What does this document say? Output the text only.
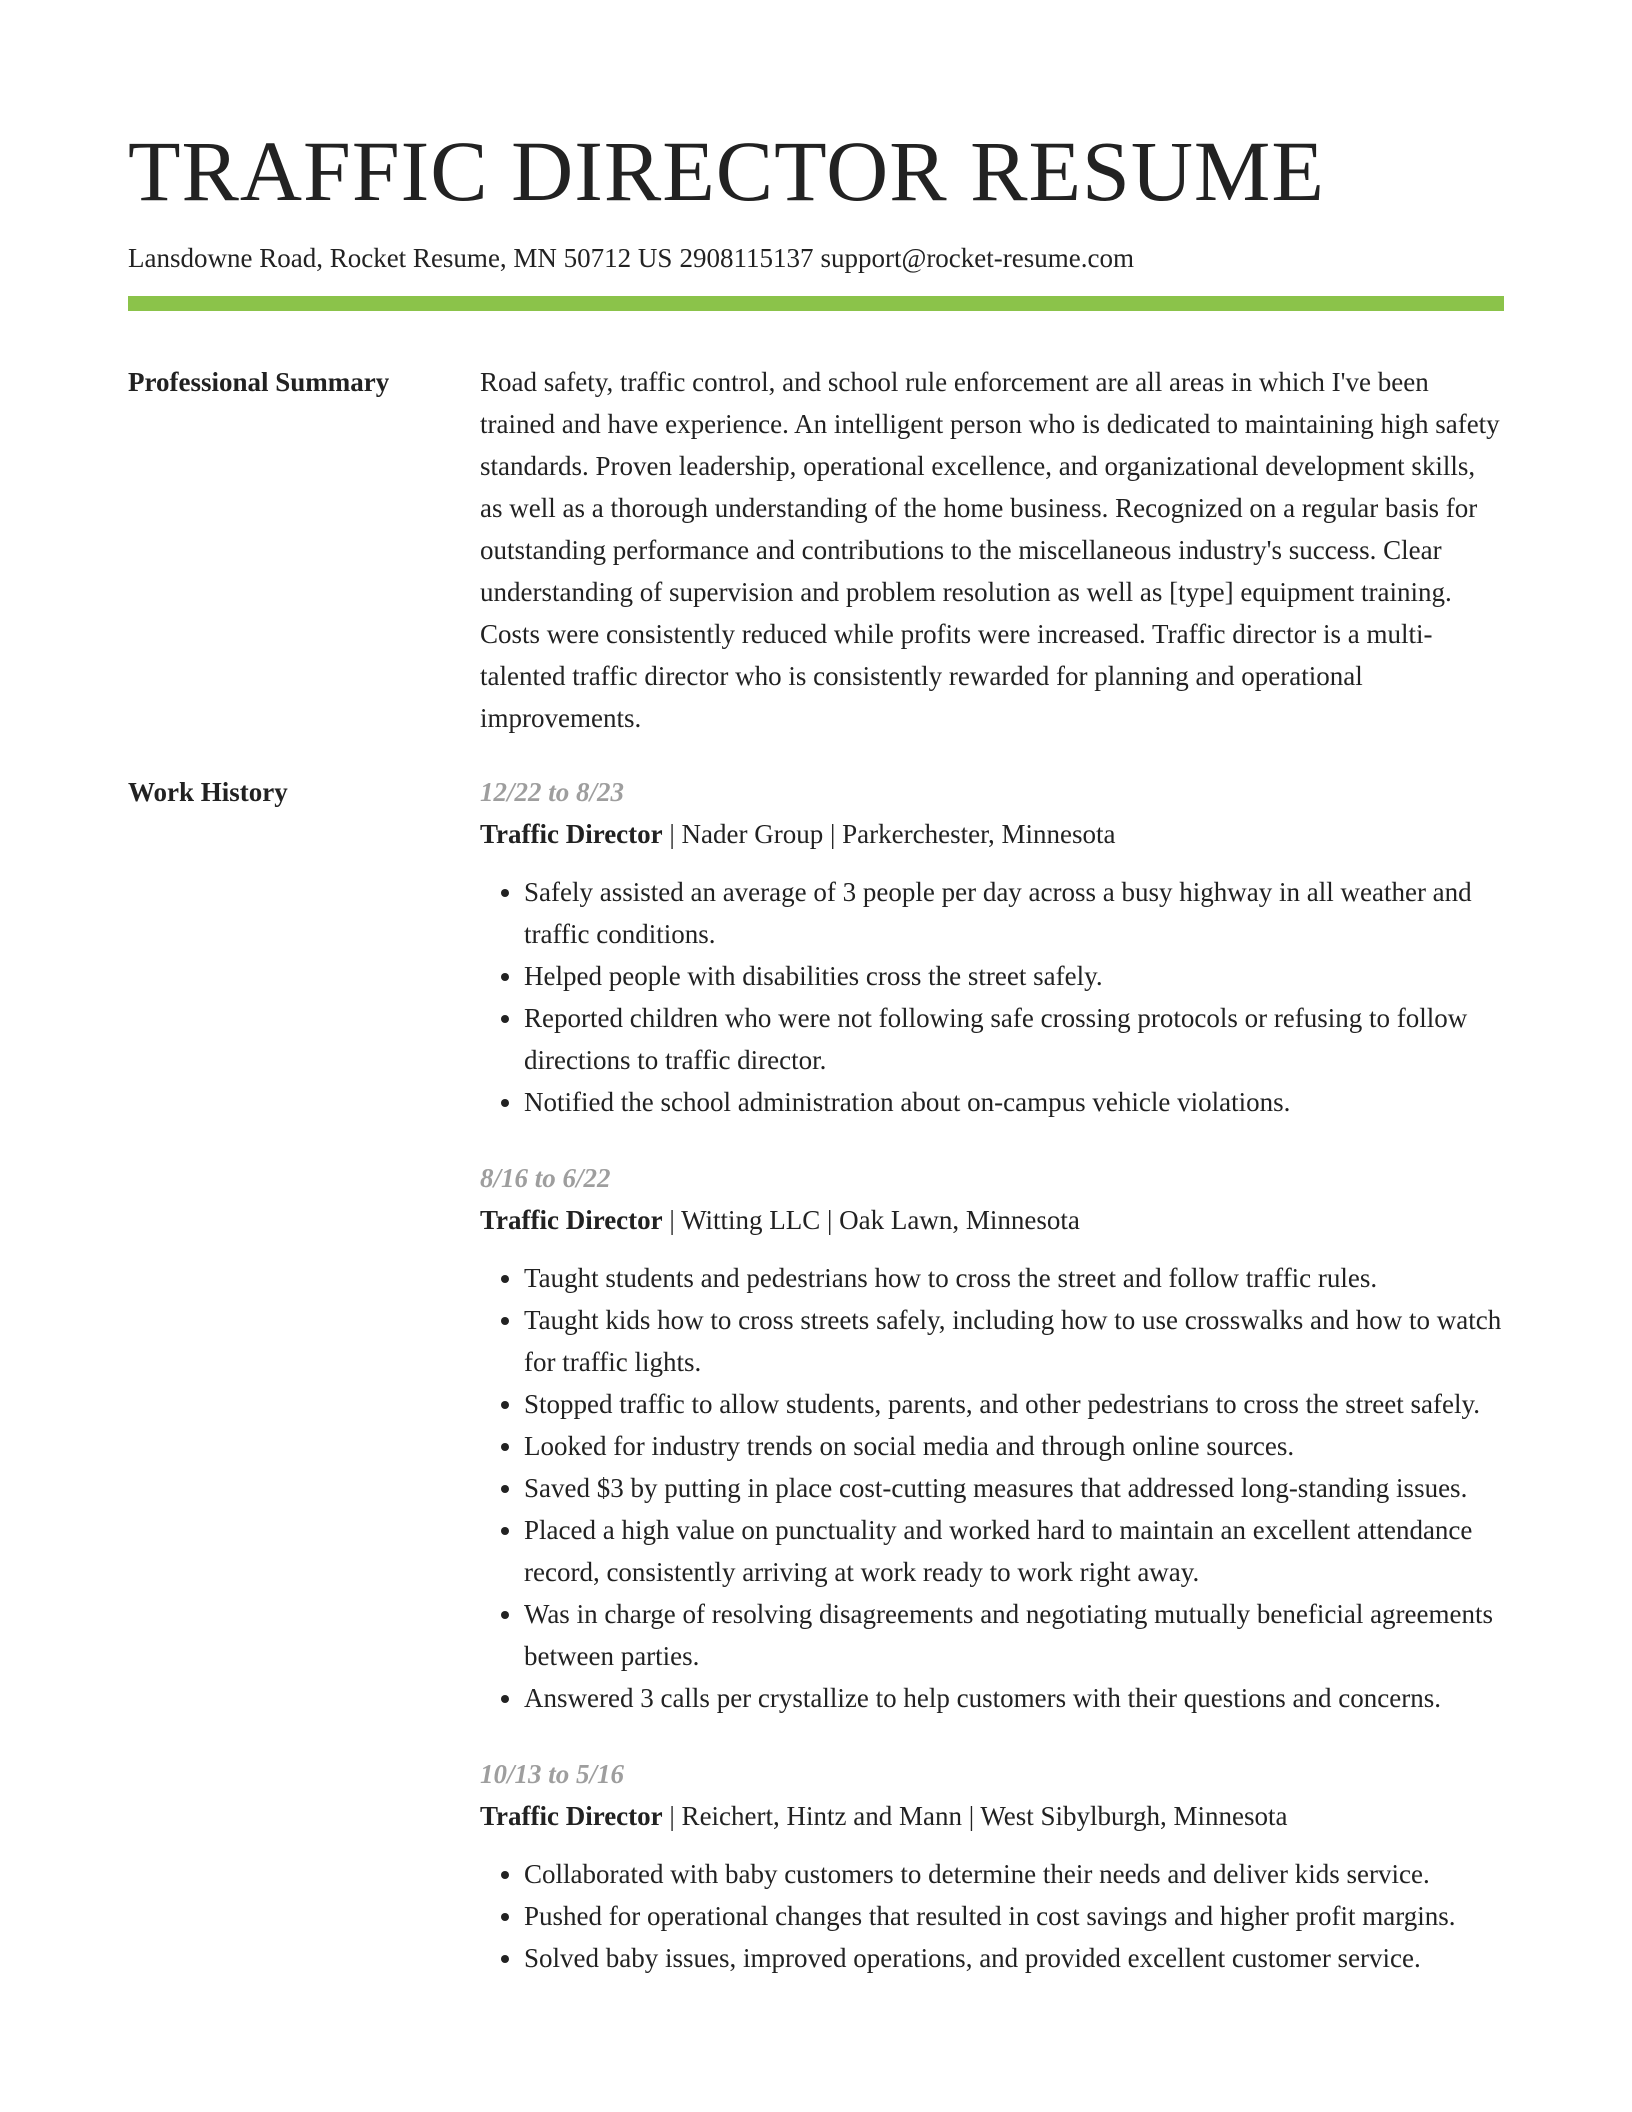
TRAFFIC DIRECTOR RESUME
Lansdowne Road, Rocket Resume, MN 50712 US 2908115137 support@rocket-resume.com
Professional Summary	Road safety, traffic control, and school rule enforcement are all areas in which I've been trained and have experience. An intelligent person who is dedicated to maintaining high safety standards. Proven leadership, operational excellence, and organizational development skills, as well as a thorough understanding of the home business. Recognized on a regular basis for outstanding performance and contributions to the miscellaneous industry's success. Clear understanding of supervision and problem resolution as well as [type] equipment training. Costs were consistently reduced while profits were increased. Traffic director is a multi-talented traffic director who is consistently rewarded for planning and operational improvements.
Work History	12/22 to 8/23
Traffic Director | Nader Group | Parkerchester, Minnesota
• Safely assisted an average of 3 people per day across a busy highway in all weather and traffic conditions.
• Helped people with disabilities cross the street safely.
• Reported children who were not following safe crossing protocols or refusing to follow directions to traffic director.
• Notified the school administration about on-campus vehicle violations.
8/16 to 6/22
Traffic Director | Witting LLC | Oak Lawn, Minnesota
• Taught students and pedestrians how to cross the street and follow traffic rules.
• Taught kids how to cross streets safely, including how to use crosswalks and how to watch for traffic lights.
• Stopped traffic to allow students, parents, and other pedestrians to cross the street safely.
• Looked for industry trends on social media and through online sources.
• Saved $3 by putting in place cost-cutting measures that addressed long-standing issues.
• Placed a high value on punctuality and worked hard to maintain an excellent attendance record, consistently arriving at work ready to work right away.
• Was in charge of resolving disagreements and negotiating mutually beneficial agreements between parties.
• Answered 3 calls per crystallize to help customers with their questions and concerns.
10/13 to 5/16
Traffic Director | Reichert, Hintz and Mann | West Sibylburgh, Minnesota
• Collaborated with baby customers to determine their needs and deliver kids service.
• Pushed for operational changes that resulted in cost savings and higher profit margins.
• Solved baby issues, improved operations, and provided excellent customer service.
